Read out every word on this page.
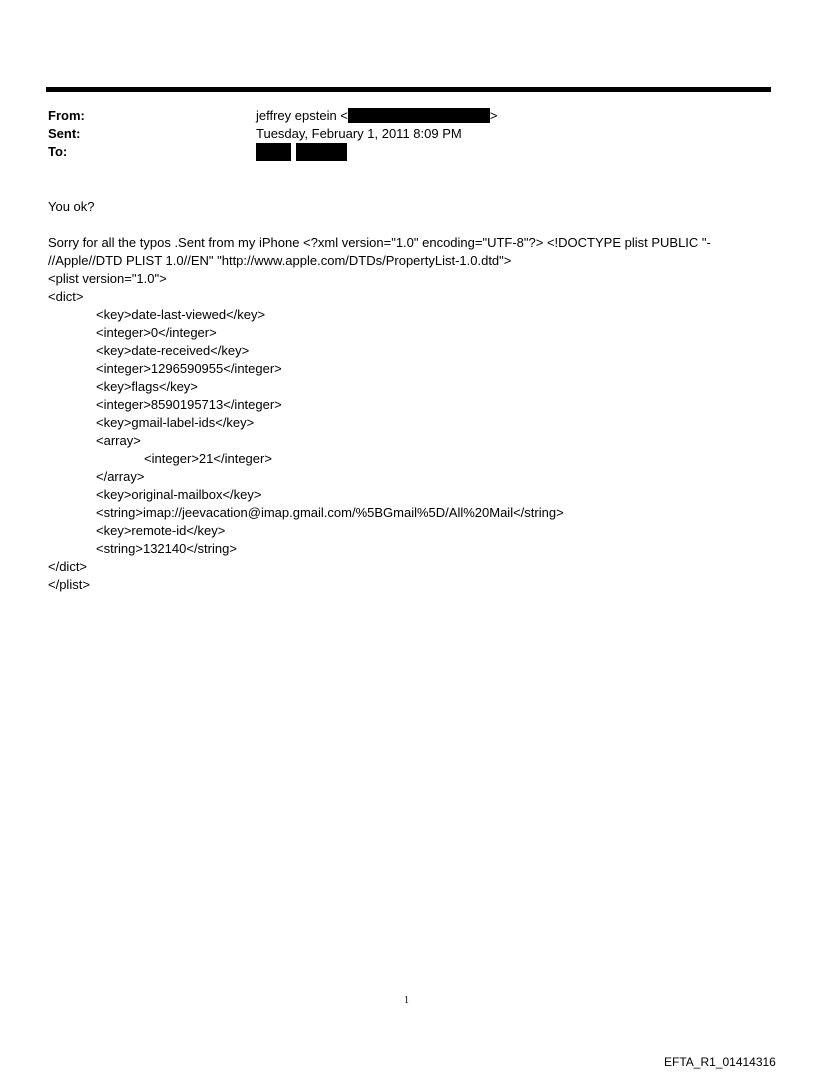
From:	jeffrey epstein <	>
Sent:	Tuesday, February 1, 2011 8:09 PM
To:

You ok?
Sorry for all the typos .Sent from my iPhone <?xml version="1.0" encoding="UTF-8"?> <!DOCTYPE plist PUBLIC "-
//Apple//DTD PLIST 1.0//EN" "http://www.apple.com/DTDs/PropertyList-1.0.dtd">
<plist version="1.0">
<dict>
<key>date-last-viewed</key>
<integer>0</integer>
<key>date-received</key>
<integer>1296590955</integer>
<key>flags</key>
<integer>8590195713</integer>
<key>gmail-label-ids</key>
<array>
<integer>21</integer>
</array>
<key>original-mailbox</key>
<string>imap://jeevacation@imap.gmail.com/%5BGmail%5D/All%20Mail</string>
<key>remote-id</key>
<string>132140</string>
</dict>
</plist>
1
EFTA_R1_01414316
